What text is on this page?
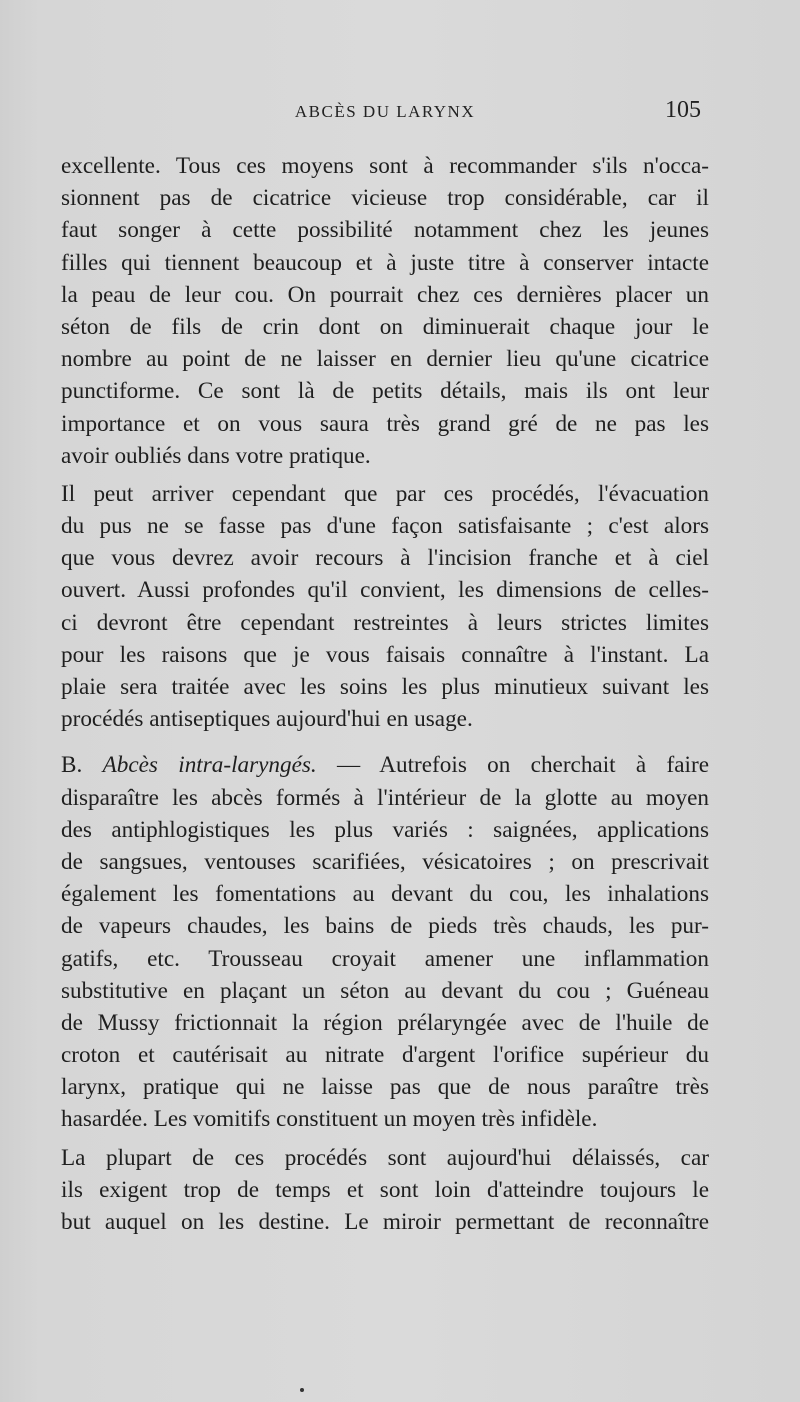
ABCÈS DU LARYNX	105
excellente. Tous ces moyens sont à recommander s'ils n'occa-
sionnent pas de cicatrice vicieuse trop considérable, car il
faut songer à cette possibilité notamment chez les jeunes
filles qui tiennent beaucoup et à juste titre à conserver intacte
la peau de leur cou. On pourrait chez ces dernières placer un
séton de fils de crin dont on diminuerait chaque jour le
nombre au point de ne laisser en dernier lieu qu'une cicatrice
punctiforme. Ce sont là de petits détails, mais ils ont leur
importance et on vous saura très grand gré de ne pas les
avoir oubliés dans votre pratique.
Il peut arriver cependant que par ces procédés, l'évacuation
du pus ne se fasse pas d'une façon satisfaisante ; c'est alors
que vous devrez avoir recours à l'incision franche et à ciel
ouvert. Aussi profondes qu'il convient, les dimensions de celles-
ci devront être cependant restreintes à leurs strictes limites
pour les raisons que je vous faisais connaître à l'instant. La
plaie sera traitée avec les soins les plus minutieux suivant les
procédés antiseptiques aujourd'hui en usage.
B. Abcès intra-laryngés. — Autrefois on cherchait à faire
disparaître les abcès formés à l'intérieur de la glotte au moyen
des antiphlogistiques les plus variés : saignées, applications
de sangsues, ventouses scarifiées, vésicatoires ; on prescrivait
également les fomentations au devant du cou, les inhalations
de vapeurs chaudes, les bains de pieds très chauds, les pur-
gatifs, etc. Trousseau croyait amener une inflammation
substitutive en plaçant un séton au devant du cou ; Guéneau
de Mussy frictionnait la région prélaryngée avec de l'huile de
croton et cautérisait au nitrate d'argent l'orifice supérieur du
larynx, pratique qui ne laisse pas que de nous paraître très
hasardée. Les vomitifs constituent un moyen très infidèle.
La plupart de ces procédés sont aujourd'hui délaissés, car
ils exigent trop de temps et sont loin d'atteindre toujours le
but auquel on les destine. Le miroir permettant de reconnaître
